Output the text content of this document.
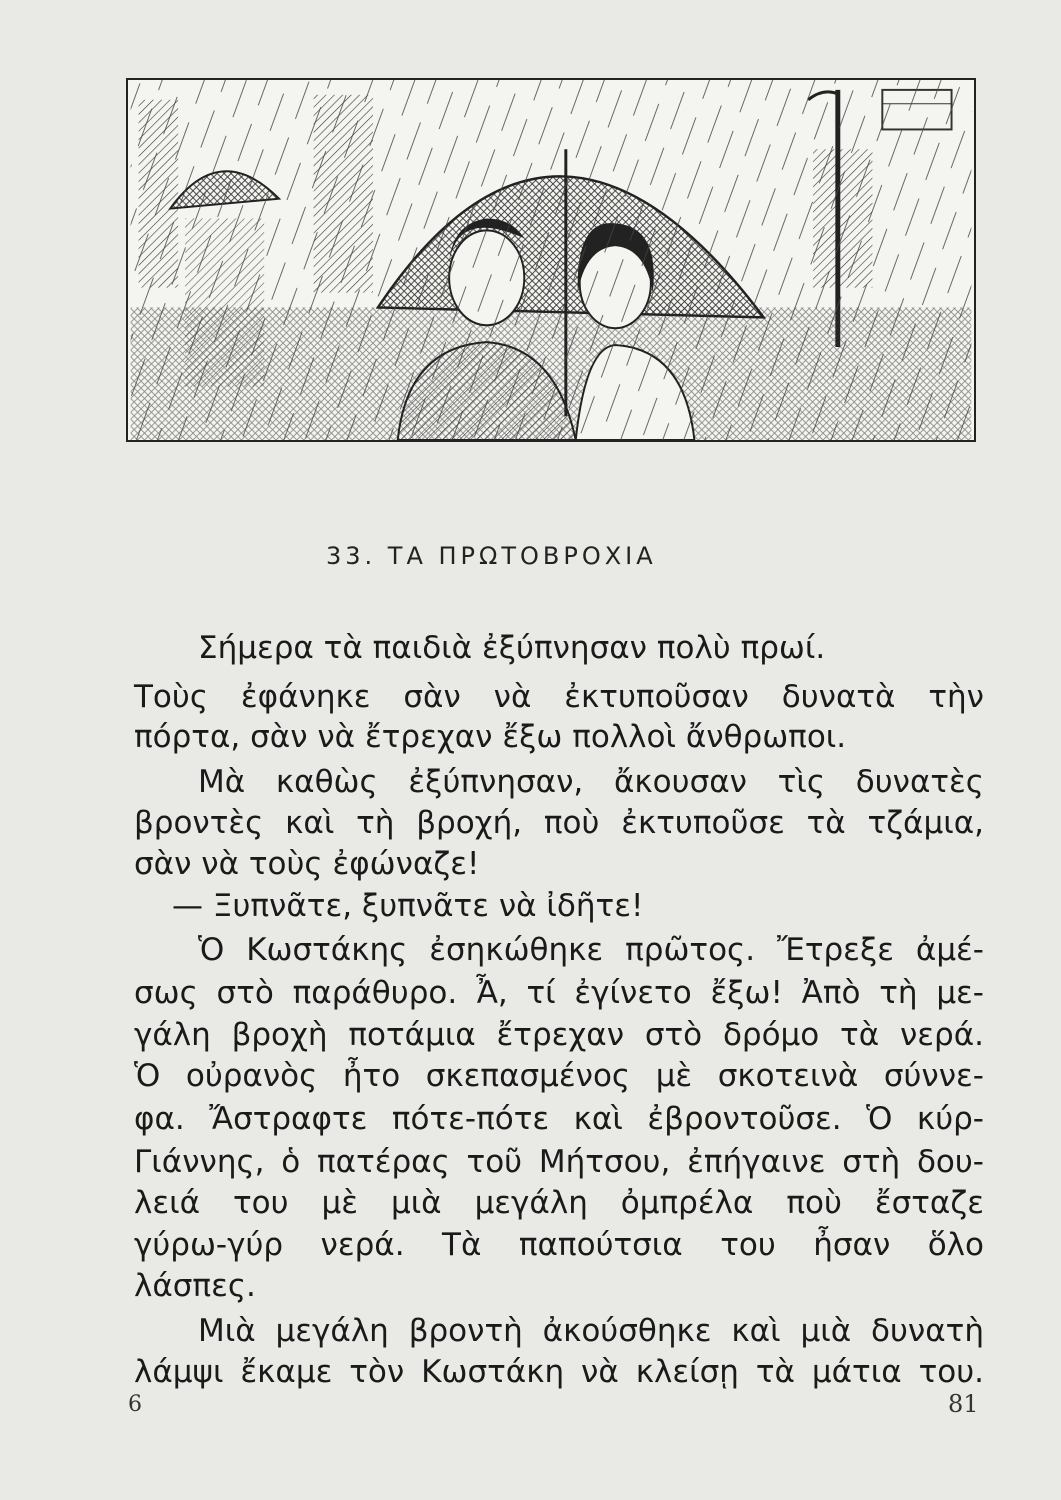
33. ΤΑ ΠΡΩΤΟΒΡΟΧΙΑ
Σήμερα τὰ παιδιὰ ἐξύπνησαν πολὺ πρωί.
Τοὺς ἐφάνηκε σὰν νὰ ἐκτυποῦσαν δυνατὰ τὴν
πόρτα, σὰν νὰ ἔτρεχαν ἔξω πολλοὶ ἄνθρωποι.
Μὰ καθὼς ἐξύπνησαν, ἄκουσαν τὶς δυνατὲς
βροντὲς καὶ τὴ βροχή, ποὺ ἐκτυποῦσε τὰ τζάμια,
σὰν νὰ τοὺς ἐφώναζε!
— Ξυπνᾶτε, ξυπνᾶτε νὰ ἰδῆτε!
Ὁ Κωστάκης ἐσηκώθηκε πρῶτος. Ἔτρεξε ἀμέ-
σως στὸ παράθυρο. Ἆ, τί ἐγίνετο ἔξω! Ἀπὸ τὴ με-
γάλη βροχὴ ποτάμια ἔτρεχαν στὸ δρόμο τὰ νερά.
Ὁ οὐρανὸς ἦτο σκεπασμένος μὲ σκοτεινὰ σύννε-
φα. Ἄστραφτε πότε-πότε καὶ ἐβροντοῦσε. Ὁ κύρ-
Γιάννης, ὁ πατέρας τοῦ Μήτσου, ἐπήγαινε στὴ δου-
λειά του μὲ μιὰ μεγάλη ὀμπρέλα ποὺ ἔσταζε
γύρω-γύρ νερά. Τὰ παπούτσια του ἦσαν ὅλο
λάσπες.
Μιὰ μεγάλη βροντὴ ἀκούσθηκε καὶ μιὰ δυνατὴ
λάμψι ἔκαμε τὸν Κωστάκη νὰ κλείσῃ τὰ μάτια του.
6	81
